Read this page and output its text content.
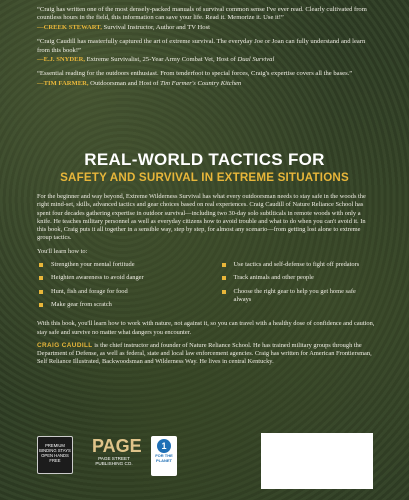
“Craig has written one of the most densely-packed manuals of survival common sense I've ever read. Clearly cultivated from countless hours in the field, this information can save your life. Read it. Memorize it. Use it!”

—CREEK STEWART, Survival Instructor, Author and TV Host

“Craig Caudill has masterfully captured the art of extreme survival. The everyday Joe or Joan can fully understand and learn from this book!”

—E.J. SNYDER, Extreme Survivalist, 25-Year Army Combat Vet, Host of Dual Survival

“Essential reading for the outdoors enthusiast. From tenderfoot to special forces, Craig's expertise covers all the bases.”

—TIM FARMER, Outdoorsman and Host of Tim Farmer's Country Kitchen

REAL-WORLD TACTICS FOR
SAFETY AND SURVIVAL IN EXTREME SITUATIONS

For the beginner and way beyond, Extreme Wilderness Survival has what every outdoorsman needs to stay safe in the woods the right mind-set, skills, advanced tactics and gear choices based on real experiences. Craig Caudill of Nature Reliance School has spent four decades gathering expertise in outdoor survival—including two 30-day solo subtlticals in remote woods with only a knife. He teaches military personnel as well as everyday citizens how to avoid trouble and what to do when you can't avoid it. In this book, Craig puts it all together in a sensible way, step by step, for almost any scenario—from getting lost alone to extreme group tactics.

You'll learn how to:

Strengthen your mental fortitude
Heighten awareness to avoid danger
Hunt, fish and forage for food
Make gear from scratch
Use tactics and self-defense to fight off predators
Track animals and other people
Choose the right gear to help you get home safe always

With this book, you'll learn how to work with nature, not against it, so you can travel with a healthy dose of confidence and caution, stay safe and survive no matter what dangers you encounter.

CRAIG CAUDILL is the chief instructor and founder of Nature Reliance School. He has trained military groups through the Department of Defense, as well as federal, state and local law enforcement agencies. Craig has written for American Frontiersman, Self Reliance Illustrated, Backwoodsman and Wilderness Way. He lives in central Kentucky.

PREMIUM BINDING STAYS OPEN HANDS FREE
PAGE
PAGE STREET PUBLISHING CO.
1
FOR THE PLANET
